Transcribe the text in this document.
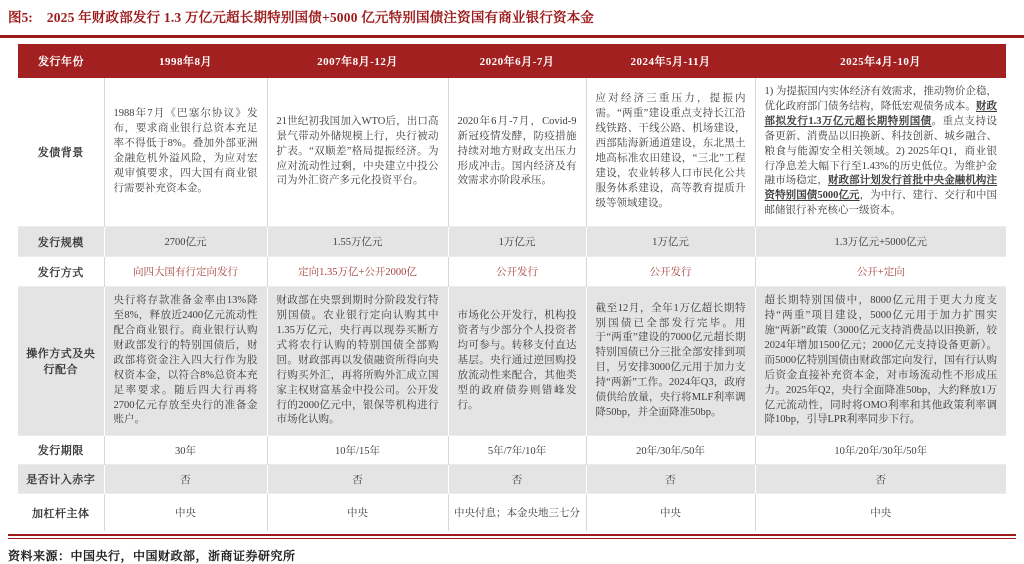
图5: 2025 年财政部发行 1.3 万亿元超长期特别国债+5000 亿元特别国债注资国有商业银行资本金
发行年份	1998年8月	2007年8月-12月	2020年6月-7月	2024年5月-11月	2025年4月-10月
发债背景	1988年7月《巴塞尔协议》发布，要求商业银行总资本充足率不得低于8%。叠加外部亚洲金融危机外溢风险，为应对宏观审慎要求，四大国有商业银行需要补充资本金。	21世纪初我国加入WTO后，出口高景气带动外储规模上行，央行被动扩表。“双顺差”格局提振经济。为应对流动性过剩，中央建立中投公司为外汇资产多元化投资平台。	2020年6月-7月，Covid-9新冠疫情发酵，防疫措施持续对地方财政支出压力形成冲击。国内经济及有效需求亦阶段承压。	应对经济三重压力，提振内需。“两重”建设重点支持长江沿线铁路、干线公路、机场建设，西部陆海新通道建设，东北黑土地高标准农田建设，“三北”工程建设，农业转移人口市民化公共服务体系建设，高等教育提质升级等领域建设。	1) 为提振国内实体经济有效需求，推动物价企稳，优化政府部门债务结构，降低宏观债务成本。财政部拟发行1.3万亿元超长期特别国债。重点支持设备更新、消费品以旧换新、科技创新、城乡融合、粮食与能源安全相关领域。2) 2025年Q1，商业银行净息差大幅下行至1.43%的历史低位。为维护金融市场稳定，财政部计划发行首批中央金融机构注资特别国债5000亿元，为中行、建行、交行和中国邮储银行补充核心一级资本。
发行规模	2700亿元	1.55万亿元	1万亿元	1万亿元	1.3万亿元+5000亿元
发行方式	向四大国有行定向发行	定向1.35万亿+公开2000亿	公开发行	公开发行	公开+定向
操作方式及央行配合	央行将存款准备金率由13%降至8%，释放近2400亿元流动性配合商业银行。商业银行认购财政部发行的特别国债后，财政部将资金注入四大行作为股权资本金，以符合8%总资本充足率要求。随后四大行再将2700亿元存放至央行的准备金账户。	财政部在央票到期时分阶段发行特别国债。农业银行定向认购其中1.35万亿元，央行再以现券买断方式将农行认购的特别国债全部购回。财政部再以发债融资所得向央行购买外汇，再将所购外汇成立国家主权财富基金中投公司。公开发行的2000亿元中，银保等机构进行市场化认购。	市场化公开发行，机构投资者与少部分个人投资者均可参与。转移支付直达基层。央行通过逆回购投放流动性来配合，其他类型的政府债券则错峰发行。	截至12月，全年1万亿超长期特别国债已全部发行完毕。用于“两重”建设的7000亿元超长期特别国债已分三批全部安排到项目，另安排3000亿元用于加力支持“两新”工作。2024年Q3，政府债供给放量，央行将MLF利率调降50bp，并全面降准50bp。	超长期特别国债中，8000亿元用于更大力度支持“两重”项目建设，5000亿元用于加力扩围实施“两新”政策（3000亿元支持消费品以旧换新，较2024年增加1500亿元；2000亿元支持设备更新）。而5000亿特别国债由财政部定向发行，国有行认购后资金直接补充资本金，对市场流动性不形成压力。2025年Q2，央行全面降准50bp，大约释放1万亿元流动性，同时将OMO利率和其他政策利率调降10bp，引导LPR利率同步下行。
发行期限	30年	10年/15年	5年/7年/10年	20年/30年/50年	10年/20年/30年/50年
是否计入赤字	否	否	否	否	否
加杠杆主体	中央	中央	中央付息；本金央地三七分	中央	中央
资料来源：中国央行，中国财政部，浙商证券研究所
